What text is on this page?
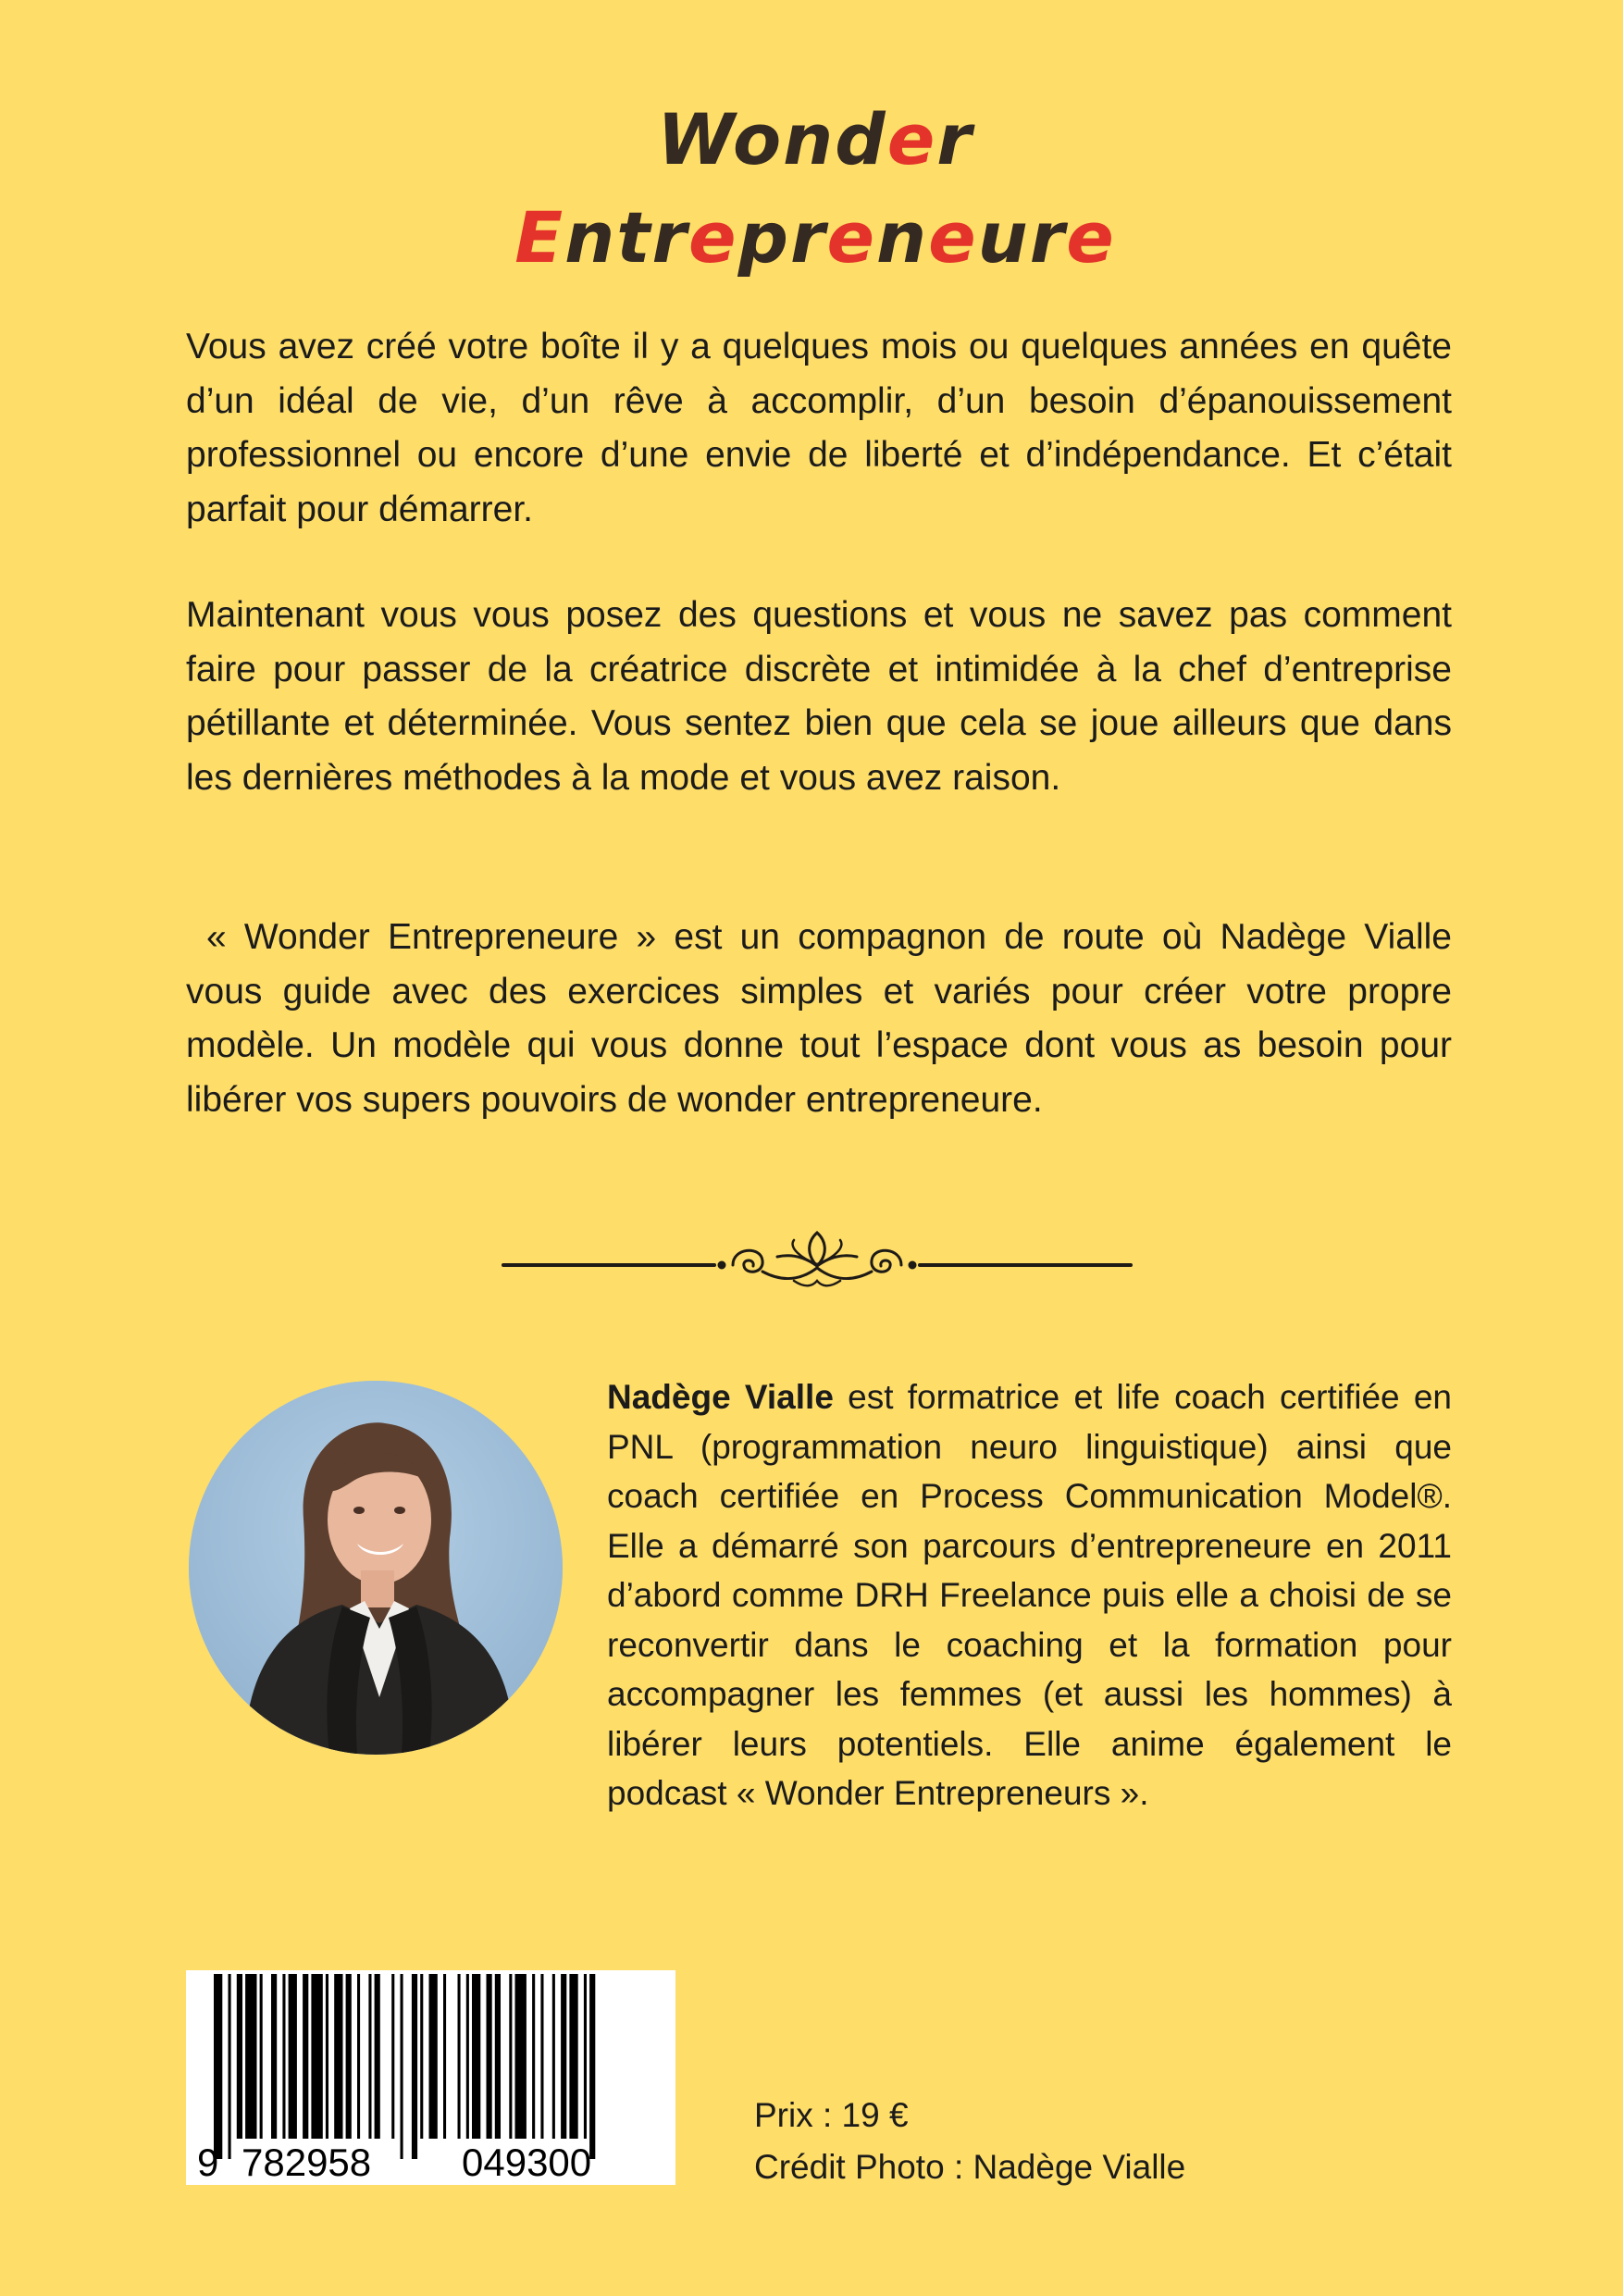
Wonder
Entrepreneure

Vous avez créé votre boîte il y a quelques mois ou quelques années en quête d’un idéal de vie, d’un rêve à accomplir, d’un besoin d’épanouissement professionnel ou encore d’une envie de liberté et d’indépendance. Et c’était parfait pour démarrer.

Maintenant vous vous posez des questions et vous ne savez pas comment faire pour passer de la créatrice discrète et intimidée à la chef d’entreprise pétillante et déterminée. Vous sentez bien que cela se joue ailleurs que dans les dernières méthodes à la mode et vous avez raison.

« Wonder Entrepreneure » est un compagnon de route où Nadège Vialle vous guide avec des exercices simples et variés pour créer votre propre modèle. Un modèle qui vous donne tout l’espace dont vous as besoin pour libérer vos supers pouvoirs de wonder entrepreneure.

Nadège Vialle est formatrice et life coach certifiée en PNL (programmation neuro linguistique) ainsi que coach certifiée en Process Communication Model®. Elle a démarré son parcours d’entrepreneure en 2011 d’abord comme DRH Freelance puis elle a choisi de se reconvertir dans le coaching et la formation pour accompagner les femmes (et aussi les hommes) à libérer leurs potentiels. Elle anime également le podcast « Wonder Entrepreneurs ».

9 782958 049300

Prix : 19 €

Crédit Photo : Nadège Vialle
